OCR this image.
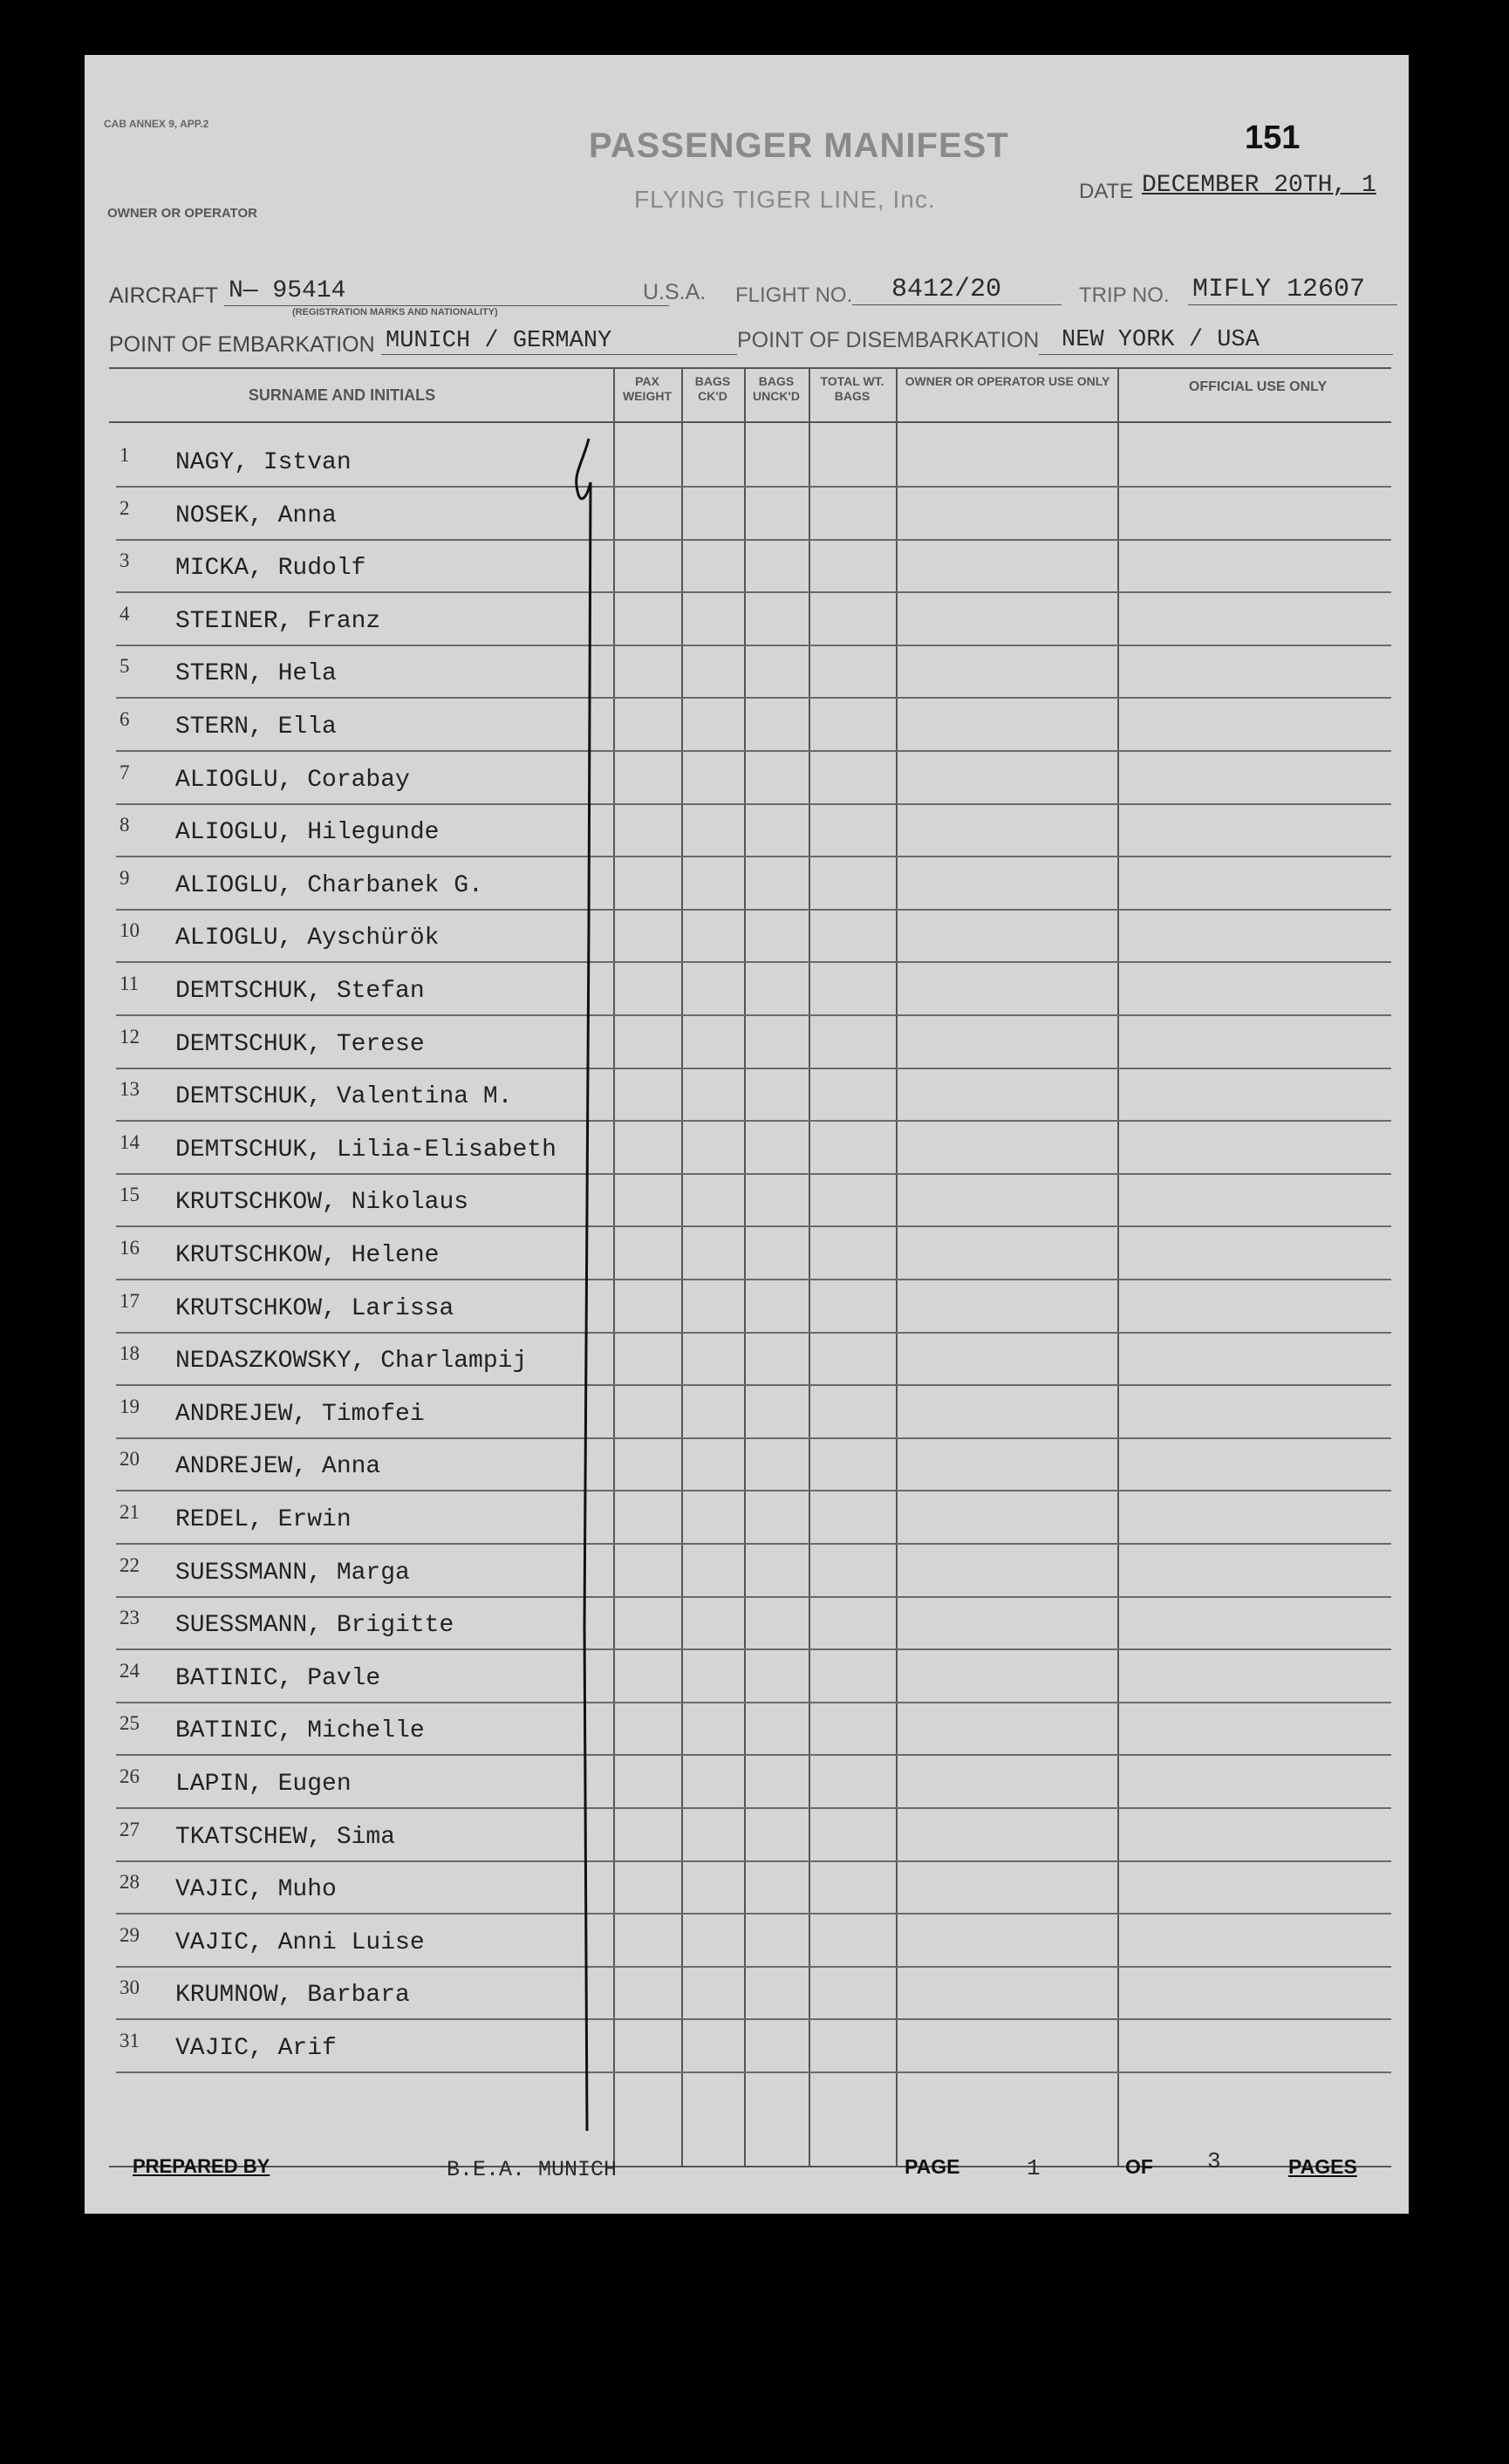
CAB ANNEX 9, APP.2
PASSENGER MANIFEST
FLYING TIGER LINE, Inc.
151
OWNER OR OPERATOR
DATE DECEMBER 20TH, 1
AIRCRAFT N— 95414
(REGISTRATION MARKS AND NATIONALITY)
U.S.A. FLIGHT NO. 8412/20	TRIP NO. MIFLY 12607
POINT OF EMBARKATION MUNICH / GERMANY	POINT OF DISEMBARKATION NEW YORK / USA
SURNAME AND INITIALS
PAX WEIGHT
BAGS CK'D
BAGS UNCK'D
TOTAL WT. BAGS
OWNER OR OPERATOR USE ONLY	OFFICIAL USE ONLY
1 NAGY, Istvan
2 NOSEK, Anna
3 MICKA, Rudolf
4 STEINER, Franz
5 STERN, Hela
6 STERN, Ella
7 ALIOGLU, Corabay
8 ALIOGLU, Hilegunde
9 ALIOGLU, Charbanek G.
10 ALIOGLU, Ayschürök
11 DEMTSCHUK, Stefan
12 DEMTSCHUK, Terese
13 DEMTSCHUK, Valentina M.
14 DEMTSCHUK, Lilia-Elisabeth
15 KRUTSCHKOW, Nikolaus
16 KRUTSCHKOW, Helene
17 KRUTSCHKOW, Larissa
18 NEDASZKOWSKY, Charlampij
19 ANDREJEW, Timofei
20 ANDREJEW, Anna
21 REDEL, Erwin
22 SUESSMANN, Marga
23 SUESSMANN, Brigitte
24 BATINIC, Pavle
25 BATINIC, Michelle
26 LAPIN, Eugen
27 TKATSCHEW, Sima
28 VAJIC, Muho
29 VAJIC, Anni Luise
30 KRUMNOW, Barbara
31 VAJIC, Arif
PREPARED BY	B.E.A. MUNICH	PAGE	1	OF 3	PAGES
